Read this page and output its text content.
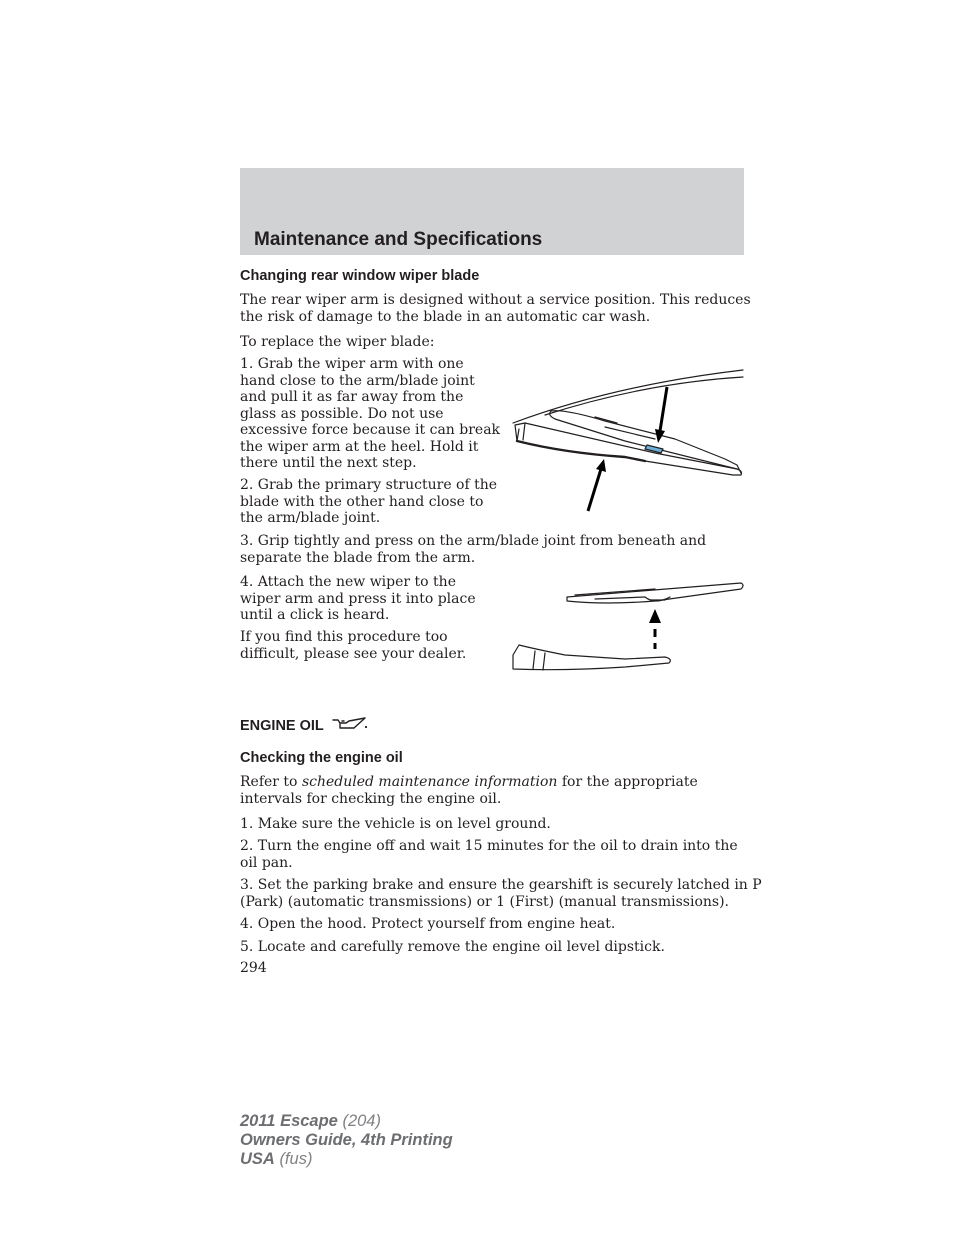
Maintenance and Specifications
Changing rear window wiper blade
The rear wiper arm is designed without a service position. This reduces
the risk of damage to the blade in an automatic car wash.
To replace the wiper blade:
1. Grab the wiper arm with one
hand close to the arm/blade joint
and pull it as far away from the
glass as possible. Do not use
excessive force because it can break
the wiper arm at the heel. Hold it
there until the next step.
2. Grab the primary structure of the
blade with the other hand close to
the arm/blade joint.
3. Grip tightly and press on the arm/blade joint from beneath and
separate the blade from the arm.
4. Attach the new wiper to the
wiper arm and press it into place
until a click is heard.
If you find this procedure too
difficult, please see your dealer.
ENGINE OIL
Checking the engine oil
Refer to scheduled maintenance information for the appropriate
intervals for checking the engine oil.
1. Make sure the vehicle is on level ground.
2. Turn the engine off and wait 15 minutes for the oil to drain into the
oil pan.
3. Set the parking brake and ensure the gearshift is securely latched in P
(Park) (automatic transmissions) or 1 (First) (manual transmissions).
4. Open the hood. Protect yourself from engine heat.
5. Locate and carefully remove the engine oil level dipstick.
294
2011 Escape (204)
Owners Guide, 4th Printing
USA (fus)
